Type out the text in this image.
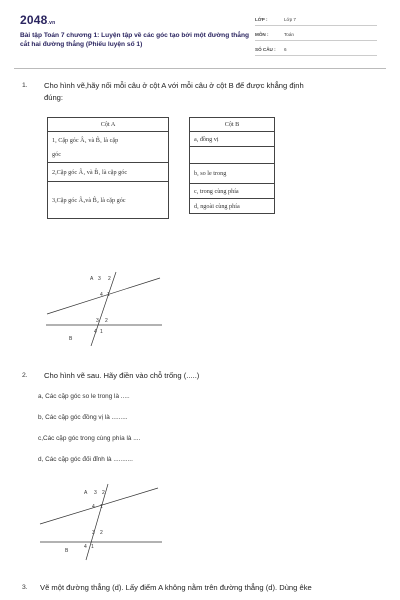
2048.vn
Bài tập Toán 7 chương 1: Luyện tập về các góc tạo bởi một đường thẳng cắt hai đường thẳng (Phiếu luyện số 1)
LỚP :	Lớp 7
MÔN :	Toán
SỐ CÂU : 6
1. Cho hình vẽ,hãy nối mỗi câu ở cột A với mỗi câu ở cột B để được khẳng định
đúng:
Cột A

1, Cặp góc Â₁ và B̂₁ là cặp
góc

2,Cặp góc Â₁ và B̂₁ là cặp góc
3,Cặp góc Â₃và B̂₂ là cặp góc
Cột B
a, đồng vị

b, so le trong
c, trong cùng phía
d, ngoài cùng phía
A 3 2
4 1
3 2
4 1
B
2. Cho hình vẽ sau. Hãy điền vào chỗ trống (.....)
a, Các cặp góc so le trong là .....
b, Các cặp góc đồng vị là .........
c,Các cặp góc trong cùng phía là ....
d, Các cặp góc đối đỉnh là ...........
A 3 2
4 1
3 2
4 1
B
3. Vẽ một đường thẳng (d). Lấy điểm A không nằm trên đường thẳng (d). Dùng êke
